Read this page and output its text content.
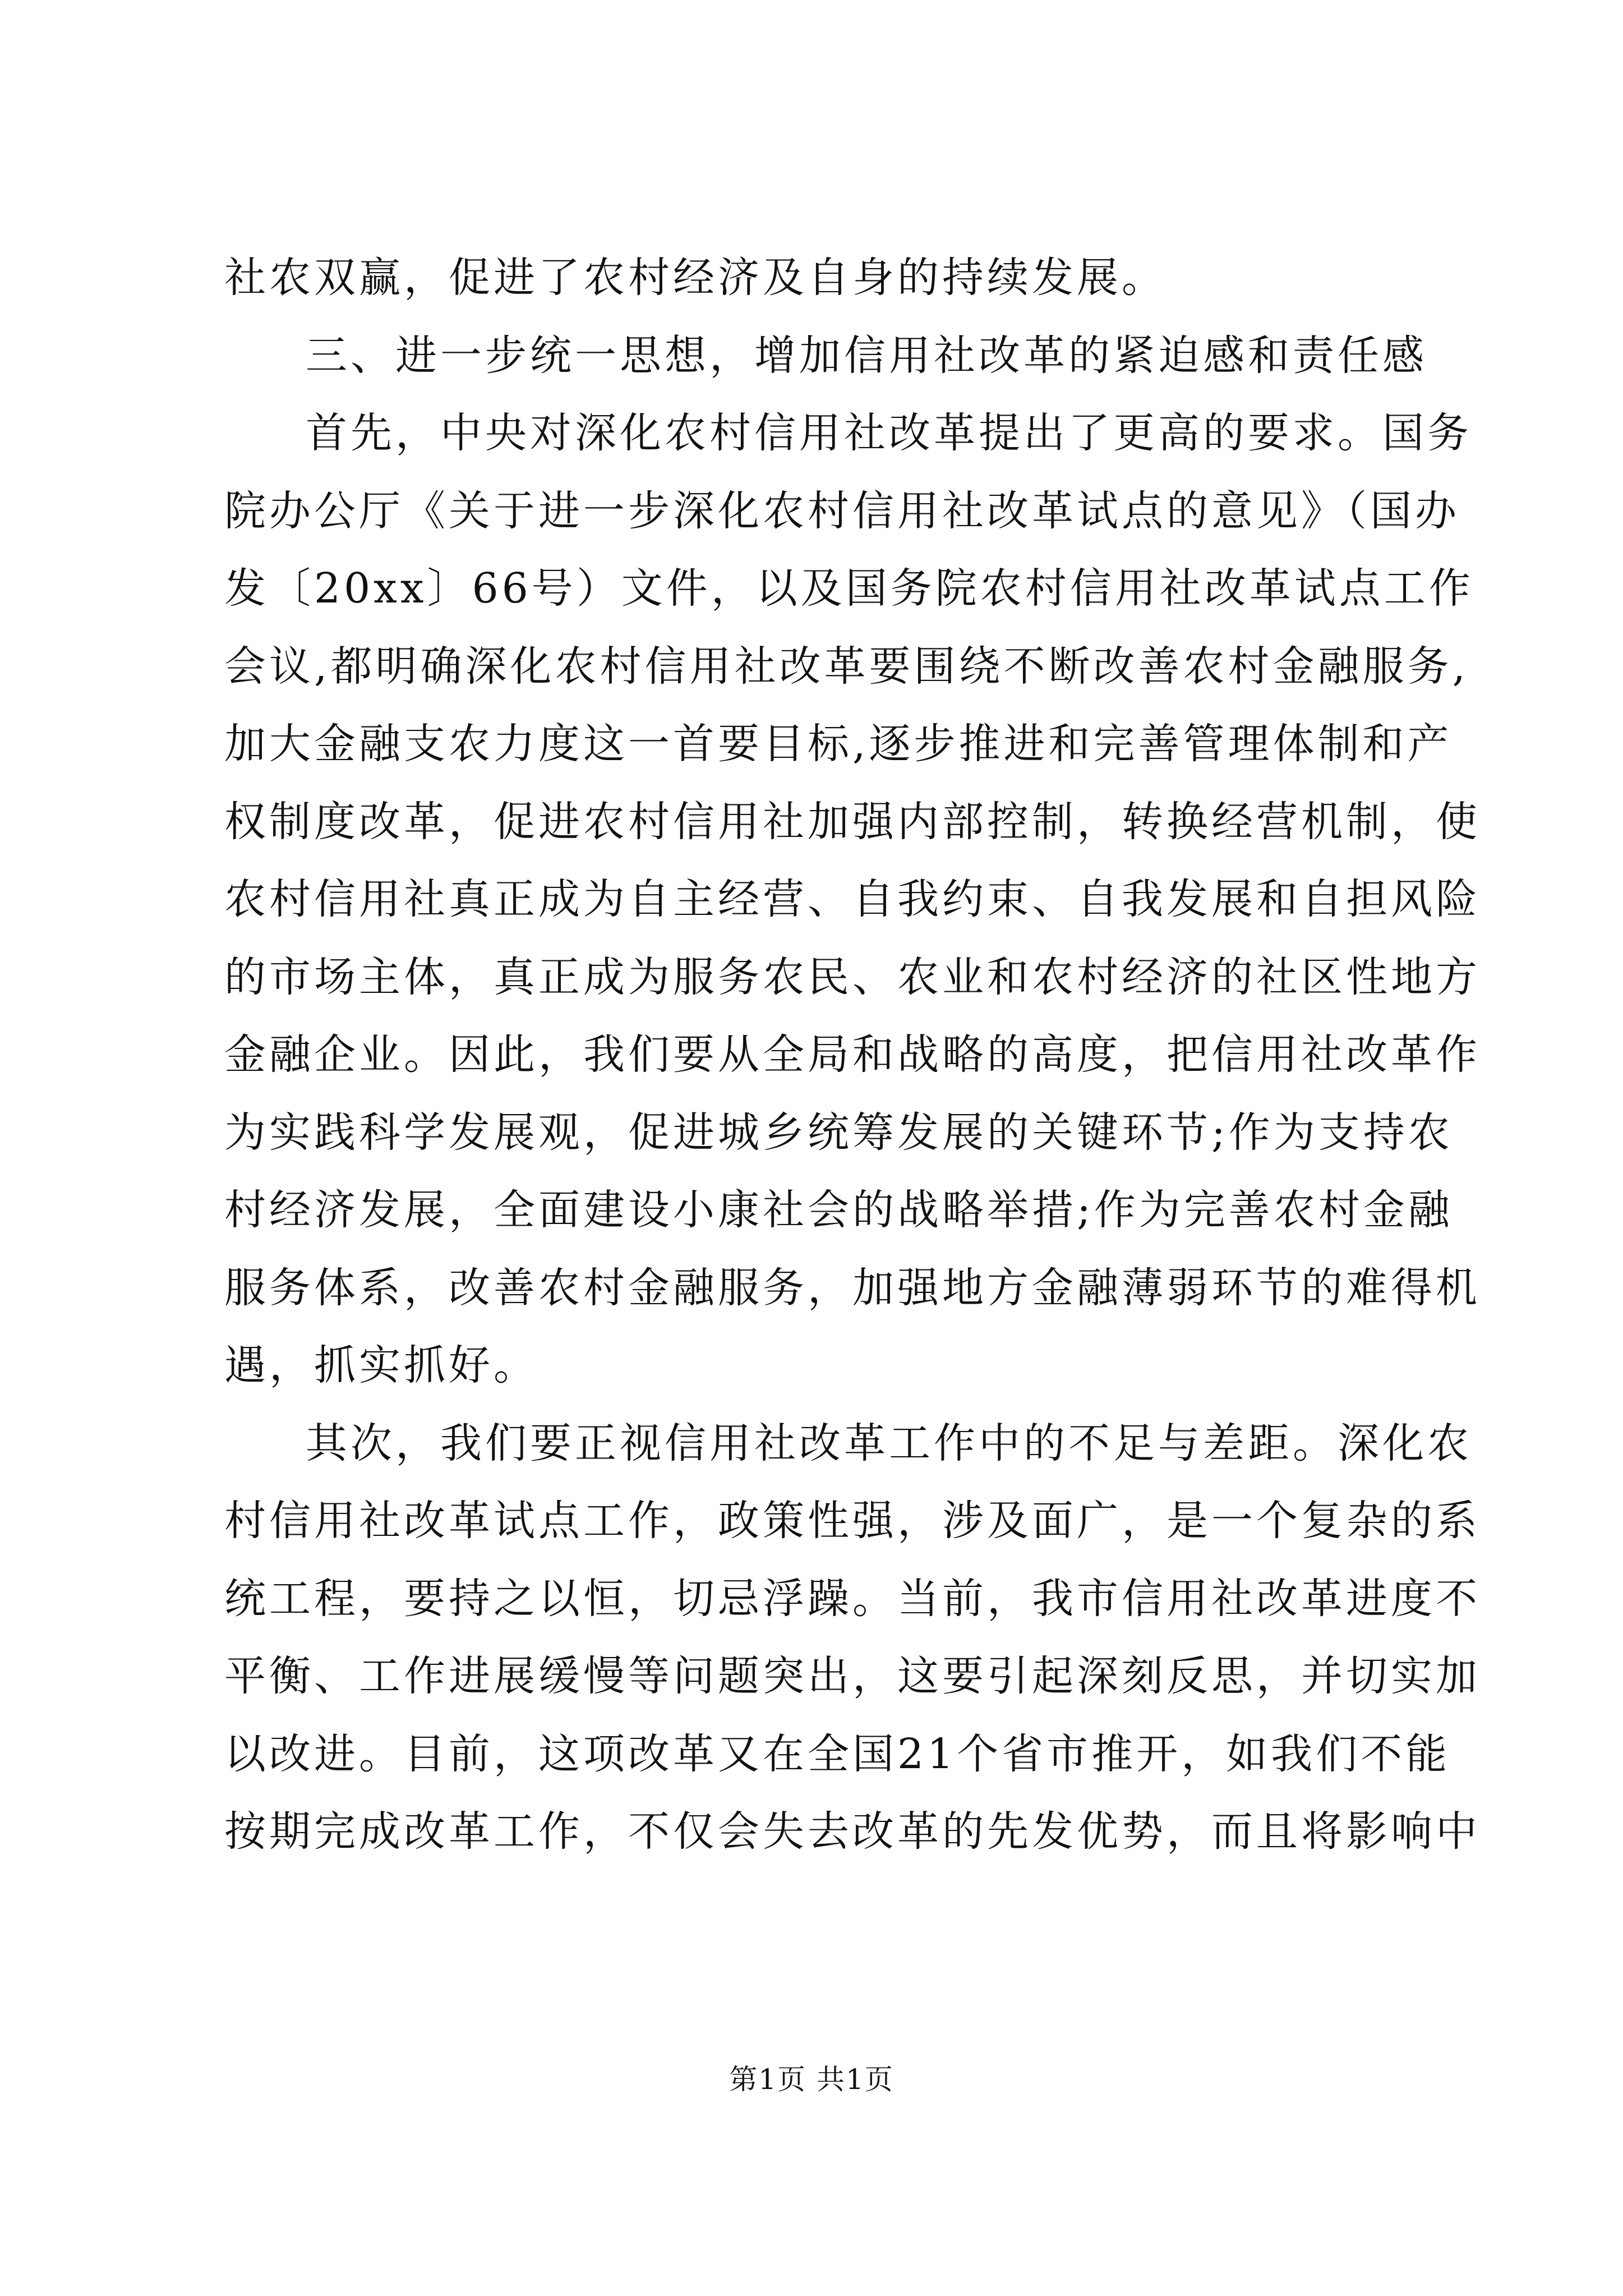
社农双赢，促进了农村经济及自身的持续发展。
三、进一步统一思想，增加信用社改革的紧迫感和责任感
首先，中央对深化农村信用社改革提出了更高的要求。国务
院办公厅《关于进一步深化农村信用社改革试点的意见》（国办
发〔20xx〕66号）文件，以及国务院农村信用社改革试点工作
会议,都明确深化农村信用社改革要围绕不断改善农村金融服务,
加大金融支农力度这一首要目标,逐步推进和完善管理体制和产
权制度改革，促进农村信用社加强内部控制，转换经营机制，使
农村信用社真正成为自主经营、自我约束、自我发展和自担风险
的市场主体，真正成为服务农民、农业和农村经济的社区性地方
金融企业。因此，我们要从全局和战略的高度，把信用社改革作
为实践科学发展观，促进城乡统筹发展的关键环节;作为支持农
村经济发展，全面建设小康社会的战略举措;作为完善农村金融
服务体系，改善农村金融服务，加强地方金融薄弱环节的难得机
遇，抓实抓好。
其次，我们要正视信用社改革工作中的不足与差距。深化农
村信用社改革试点工作，政策性强，涉及面广，是一个复杂的系
统工程，要持之以恒，切忌浮躁。当前，我市信用社改革进度不
平衡、工作进展缓慢等问题突出，这要引起深刻反思，并切实加
以改进。目前，这项改革又在全国21个省市推开，如我们不能
按期完成改革工作，不仅会失去改革的先发优势，而且将影响中
第1页 共1页
